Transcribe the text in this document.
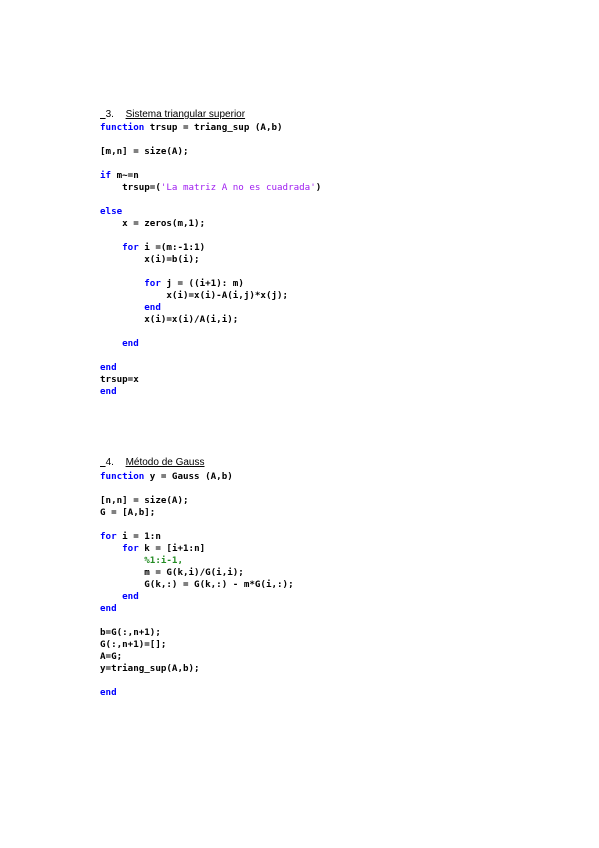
3. Sistema triangular superior

function trsup = triang_sup (A,b)
[m,n] = size(A);
if m~=n
trsup=('La matriz A no es cuadrada')
else
x = zeros(m,1);
for i =(m:-1:1)
x(i)=b(i);
for j = ((i+1): m)
x(i)=x(i)-A(i,j)*x(j);
end
x(i)=x(i)/A(i,i);
end
end
trsup=x
end

4. Método de Gauss

function y = Gauss (A,b)
[n,n] = size(A);
G = [A,b];
for i = 1:n
for k = [i+1:n]
%1:i-1,
m = G(k,i)/G(i,i);
G(k,:) = G(k,:) - m*G(i,:);
end
end
b=G(:,n+1);
G(:,n+1)=[];
A=G;
y=triang_sup(A,b);
end
